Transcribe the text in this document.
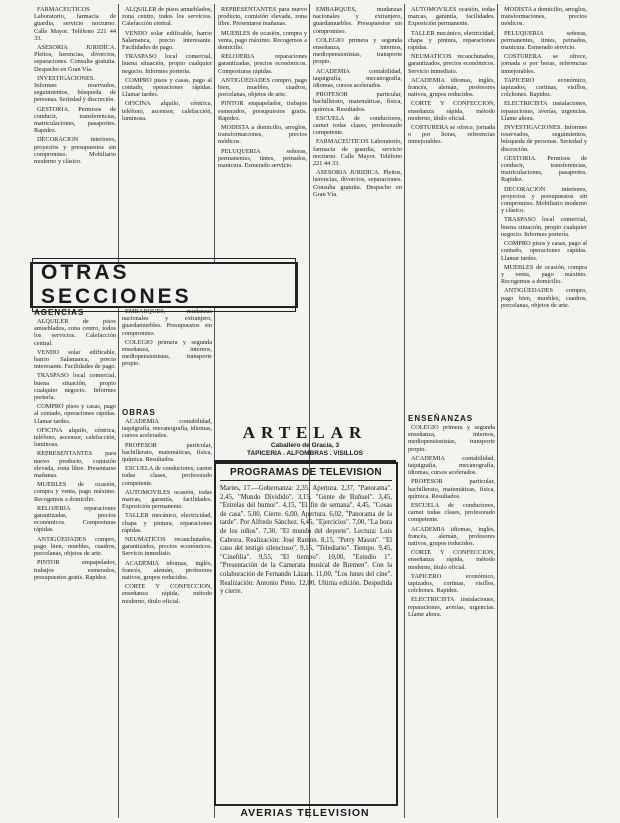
FARMACEUTICOS Laboratorio, farmacia de guardia, servicio nocturno. Calle Mayor. Teléfono 221 44 33.

ASESORIA JURIDICA. Pleitos, herencias, divorcios, separaciones. Consulta gratuita. Despacho en Gran Vía.

INVESTIGACIONES. Informes reservados, seguimientos, búsqueda de personas. Seriedad y discreción.

GESTORIA. Permisos de conducir, transferencias, matriculaciones, pasaportes. Rapidez.

DECORACION interiores, proyectos y presupuestos sin compromiso. Mobiliario moderno y clásico.

OTRAS SECCIONES
AGENCIAS

ALQUILER de pisos amueblados, zona centro, todos los servicios. Calefacción central.

VENDO solar edificable, barrio Salamanca, precio interesante. Facilidades de pago.

TRASPASO local comercial, buena situación, propio cualquier negocio. Informes portería.

COMPRO pisos y casas, pago al contado, operaciones rápidas. Llamar tardes.

OFICINA alquilo, céntrica, teléfono, ascensor, calefacción, luminosa.

REPRESENTANTES para nuevo producto, comisión elevada, zona libre. Presentarse mañanas.

MUEBLES de ocasión, compra y venta, pago máximo. Recogemos a domicilio.

RELOJERIA reparaciones garantizadas, precios económicos. Composturas rápidas.

ANTIGÜEDADES compro, pago bien, muebles, cuadros, porcelanas, objetos de arte.

PINTOR empapelador, trabajos esmerados, presupuestos gratis. Rapidez.

ALQUILER de pisos amueblados, zona centro, todos los servicios. Calefacción central.

VENDO solar edificable, barrio Salamanca, precio interesante. Facilidades de pago.

TRASPASO local comercial, buena situación, propio cualquier negocio. Informes portería.

COMPRO pisos y casas, pago al contado, operaciones rápidas. Llamar tardes.

OFICINA alquilo, céntrica, teléfono, ascensor, calefacción, luminosa.

EMBARQUES, mudanzas nacionales y extranjero, guardamuebles. Presupuestos sin compromiso.

COLEGIO primera y segunda enseñanza, internos, mediopensionistas, transporte propio.

OBRAS

ACADEMIA contabilidad, taquigrafía, mecanografía, idiomas, cursos acelerados.

PROFESOR particular, bachillerato, matemáticas, física, química. Resultados.

ESCUELA de conductores, carnet todas clases, profesorado competente.

AUTOMOVILES ocasión, todas marcas, garantía, facilidades. Exposición permanente.

TALLER mecánico, electricidad, chapa y pintura, reparaciones rápidas.

NEUMATICOS recauchutados, garantizados, precios económicos. Servicio inmediato.

ACADEMIA idiomas, inglés, francés, alemán, profesores nativos, grupos reducidos.

CORTE Y CONFECCION, enseñanza rápida, método moderno, título oficial.

REPRESENTANTES para nuevo producto, comisión elevada, zona libre. Presentarse mañanas.

MUEBLES de ocasión, compra y venta, pago máximo. Recogemos a domicilio.

RELOJERIA reparaciones garantizadas, precios económicos. Composturas rápidas.

ANTIGÜEDADES compro, pago bien, muebles, cuadros, porcelanas, objetos de arte.

PINTOR empapelador, trabajos esmerados, presupuestos gratis. Rapidez.

MODISTA a domicilio, arreglos, transformaciones, precios módicos.

PELUQUERIA señoras, permanentes, tintes, peinados, manicura. Esmerado servicio.

EMBARQUES, mudanzas nacionales y extranjero, guardamuebles. Presupuestos sin compromiso.

COLEGIO primera y segunda enseñanza, internos, mediopensionistas, transporte propio.

ACADEMIA contabilidad, taquigrafía, mecanografía, idiomas, cursos acelerados.

PROFESOR particular, bachillerato, matemáticas, física, química. Resultados.

ESCUELA de conductores, carnet todas clases, profesorado competente.

FARMACEUTICOS Laboratorio, farmacia de guardia, servicio nocturno. Calle Mayor. Teléfono 221 44 33.

ASESORIA JURIDICA. Pleitos, herencias, divorcios, separaciones. Consulta gratuita. Despacho en Gran Vía.

ARTELAR
Caballero de Gracia, 3
TAPICERIA . ALFOMBRAS . VISILLOS
PROGRAMAS DE TELEVISION
Martes, 17.—Gobernanza: 2,35, Apertura. 2,37, "Panorama". 2,45, "Mundo Dividido". 3,15, "Gente de Buñuel". 3,45, "Estrelas del humor". 4,15, "El fin de semana". 4,45, "Cosas de casa". 5,00, Cierre. 6,00, Apertura. 6,02, "Panorama de la tarde". Por Alfredo Sánchez. 6,45, "Ejercicios". 7,00, "La hora de los niños". 7,30, "El mundo del deporte". Lectura: Luis Cabrera. Realización: José Ramón. 8,15, "Perry Mason". "El caso del testigo silencioso". 9,15, "Telediario". Tiempo. 9,45, "Cinefilia". 9,55, "El tiempo". 10,00, "Estudio 1". "Presentación de la Camerata musical de Bremen". Con la colaboración de Fernando Lázaro. 11,00, "Los lunes del cine". Realización: Antonio Pinto. 12,00, Ultima edición. Despedida y cierre.
AVERIAS TELEVISION

AUTOMOVILES ocasión, todas marcas, garantía, facilidades. Exposición permanente.

TALLER mecánico, electricidad, chapa y pintura, reparaciones rápidas.

NEUMATICOS recauchutados, garantizados, precios económicos. Servicio inmediato.

ACADEMIA idiomas, inglés, francés, alemán, profesores nativos, grupos reducidos.

CORTE Y CONFECCION, enseñanza rápida, método moderno, título oficial.

COSTURERA se ofrece, jornada o por horas, referencias inmejorables.

ENSEÑANZAS

COLEGIO primera y segunda enseñanza, internos, mediopensionistas, transporte propio.

ACADEMIA contabilidad, taquigrafía, mecanografía, idiomas, cursos acelerados.

PROFESOR particular, bachillerato, matemáticas, física, química. Resultados.

ESCUELA de conductores, carnet todas clases, profesorado competente.

ACADEMIA idiomas, inglés, francés, alemán, profesores nativos, grupos reducidos.

CORTE Y CONFECCION, enseñanza rápida, método moderno, título oficial.

TAPICERO económico, tapizados, cortinas, visillos, colchones. Rapidez.

ELECTRICISTA instalaciones, reparaciones, averías, urgencias. Llame ahora.

MODISTA a domicilio, arreglos, transformaciones, precios módicos.

PELUQUERIA señoras, permanentes, tintes, peinados, manicura. Esmerado servicio.

COSTURERA se ofrece, jornada o por horas, referencias inmejorables.

TAPICERO económico, tapizados, cortinas, visillos, colchones. Rapidez.

ELECTRICISTA instalaciones, reparaciones, averías, urgencias. Llame ahora.

INVESTIGACIONES. Informes reservados, seguimientos, búsqueda de personas. Seriedad y discreción.

GESTORIA. Permisos de conducir, transferencias, matriculaciones, pasaportes. Rapidez.

DECORACION interiores, proyectos y presupuestos sin compromiso. Mobiliario moderno y clásico.

TRASPASO local comercial, buena situación, propio cualquier negocio. Informes portería.

COMPRO pisos y casas, pago al contado, operaciones rápidas. Llamar tardes.

MUEBLES de ocasión, compra y venta, pago máximo. Recogemos a domicilio.

ANTIGÜEDADES compro, pago bien, muebles, cuadros, porcelanas, objetos de arte.
